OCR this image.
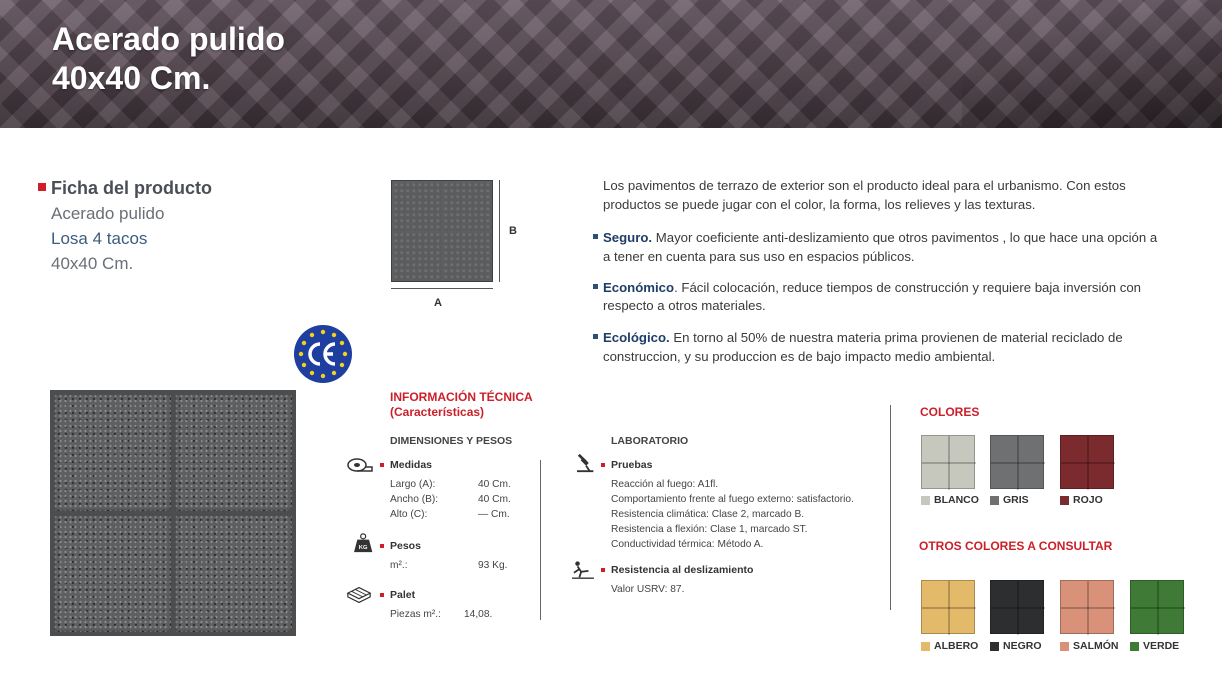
Acerado pulido
40x40 Cm.
Ficha del producto
Acerado pulido
Losa 4 tacos
40x40 Cm.
B
A

Los pavimentos de terrazo de exterior son el producto ideal para el urbanismo. Con estos

productos se puede jugar con el color, la forma, los relieves y las texturas.

Seguro. Mayor coeficiente anti-deslizamiento que otros pavimentos , lo que hace una opción a

a tener en cuenta para sus uso en espacios públicos.

Económico. Fácil colocación, reduce tiempos de construcción y requiere baja inversión con

respecto a otros materiales.

Ecológico. En torno al 50% de nuestra materia prima provienen de material reciclado de

construccion, y su produccion es de bajo impacto medio ambiental.

INFORMACIÓN TÉCNICA
(Características)
DIMENSIONES Y PESOS
Medidas
Largo (A):	40 Cm.
Ancho (B):	40 Cm.
Alto (C):	— Cm.
KG Pesos
m².:	93 Kg.
Palet
Piezas m².: 14,08.
LABORATORIO
Pruebas
Reacción al fuego: A1fl.
Comportamiento frente al fuego externo: satisfactorio.
Resistencia climática: Clase 2, marcado B.
Resistencia a flexión: Clase 1, marcado ST.
Conductividad térmica: Método A.
Resistencia al deslizamiento
Valor USRV: 87.
COLORES
BLANCO	GRIS	ROJO
OTROS COLORES A CONSULTAR
ALBERO	NEGRO	SALMÓN	VERDE
